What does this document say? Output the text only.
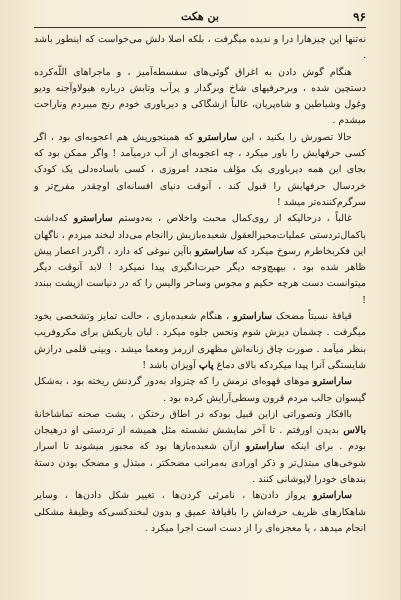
۹۶
بن هکت

نه‌تنها این چیزهارا درا و ندیده میگرفت ، بلکه اصلا دلش می‌خواست که اینطور باشد .

هنگام گوش دادن به اغراق گوئی‌های سفسطه‌آمیز ، و ماجراهای اللّه‌کرده دستچین شده ، وبرحرفیهای شاخ وبرگدار و پرآب وتابش درباره هیولاوآجنه ودیو وغول وشیاطین و شاه‌پریان، غالباً ازشگاکی و دیرباوری خودم رنج میبردم وناراحت میشدم .

حالا تصورش را بکنید ، این ساراسترو که همینجوریش هم اعجوبه‌ای بود ، اگر کسی حرفهایش را باور میکرد ، چه اعجوبه‌ای از آب درمیآمد ! واگر ممکن بود که بجای این همه دیرباوری بک مؤلف متجدد امروزی ، کسی باساده‌دلی یک کودک خردسال حرفهایش را قبول کند ، آنوقت دنیای افسانه‌ای اوچقدر مفرح‌تر و سرگرم‌کننده‌تر میشد !

غالباً ، درحالیکه از روی‌کمال محبت واخلاص ، به‌دوستم ساراسترو که‌داشت باکمال‌تردستی عملیات‌محیرالعقول شعبده‌بازیش راانجام می‌داد لبخند میزدم ، ناگهان این فکربخاطرم رسوخ میکرد که ساراسترو باآین نبوغی که دارد ، اگردر اعصار پیش ظاهر شده بود ، بیهیچ‌وجه دیگر حیرت‌انگیزی پیدا نمیکرد ! لابد آنوقت دیگر میتوانست دست هرچه حکیم و مجوس وساحر والیس را که در دنیاست ازپشت ببندد !

قیافهٔ نسبتاً مضحک ساراسترو ، هنگام شعبده‌بازی ، حالت تمایز وتشخصی بخود میگرفت . چشمان دیزش شوم ونحس جلوه میکرد . لبان باریکش برای مکروفریب بنظر میآمد . صورت چاق زنانه‌اش مظهری ازرمز ومعما میشد . وبینی قلمی درازش شایستگی آنرا پیدا میکردکه بالای دماغ پاپ آویزان باشد !

ساراسترو موهای قهوه‌ای نرمش را که چترواد به‌دور گردنش ریخته بود ، به‌شکل گیسوان جالب مردم قرون وسطی‌آرایش کرده بود .

باافکار وتصوراتی ازاین قبیل بودکه در اطاق رختکن ، پشت صحنه تماشاخانهٔ بالاس بدیدن اورفتم . تا آخر نمایشش نشسته مثل همیشه از تردستی او درهیجان بودم . برای اینکه ساراسترو ازآن شعبده‌بازها بود که مجبور میشوند تا اسرار شوخی‌های مبتذل‌تر و ذکر اورادی به‌مراتب مضحکتر ، مبتذل و مضحک بودن دستهٔ بندهای خودرا لاپوشانی کنند .

ساراسترو پرواز دادن‌ها ، نامرئی کردن‌ها ، تغییر شکل دادن‌ها ، وسایر شاهکارهای ظریف حرفه‌اش را باقیافهٔ عمیق و بدون لبخندکسی‌که وظیفهٔ مشکلی انجام میدهد ، یا معجزه‌ای را از دست است اجرا میکرد .
